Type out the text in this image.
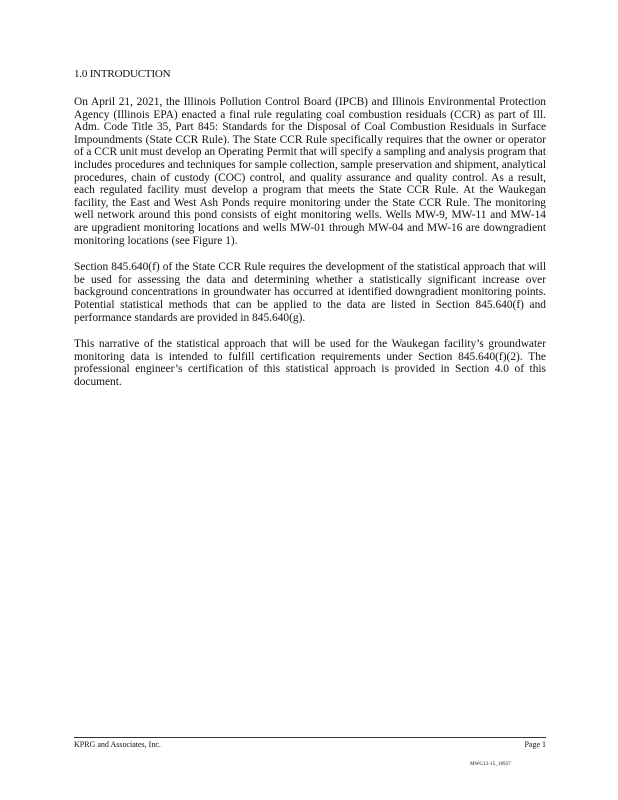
1.0 INTRODUCTION

On April 21, 2021, the Illinois Pollution Control Board (IPCB) and Illinois Environmental Protection Agency (Illinois EPA) enacted a final rule regulating coal combustion residuals (CCR) as part of Ill. Adm. Code Title 35, Part 845: Standards for the Disposal of Coal Combustion Residuals in Surface Impoundments (State CCR Rule). The State CCR Rule specifically requires that the owner or operator of a CCR unit must develop an Operating Permit that will specify a sampling and analysis program that includes procedures and techniques for sample collection, sample preservation and shipment, analytical procedures, chain of custody (COC) control, and quality assurance and quality control. As a result, each regulated facility must develop a program that meets the State CCR Rule. At the Waukegan facility, the East and West Ash Ponds require monitoring under the State CCR Rule. The monitoring well network around this pond consists of eight monitoring wells. Wells MW-9, MW-11 and MW-14 are upgradient monitoring locations and wells MW-01 through MW-04 and MW-16 are downgradient monitoring locations (see Figure 1).

Section 845.640(f) of the State CCR Rule requires the development of the statistical approach that will be used for assessing the data and determining whether a statistically significant increase over background concentrations in groundwater has occurred at identified downgradient monitoring points. Potential statistical methods that can be applied to the data are listed in Section 845.640(f) and performance standards are provided in 845.640(g).

This narrative of the statistical approach that will be used for the Waukegan facility’s groundwater monitoring data is intended to fulfill certification requirements under Section 845.640(f)(2). The professional engineer’s certification of this statistical approach is provided in Section 4.0 of this document.

KPRG and Associates, Inc.	Page 1
MWG13-15_18927
